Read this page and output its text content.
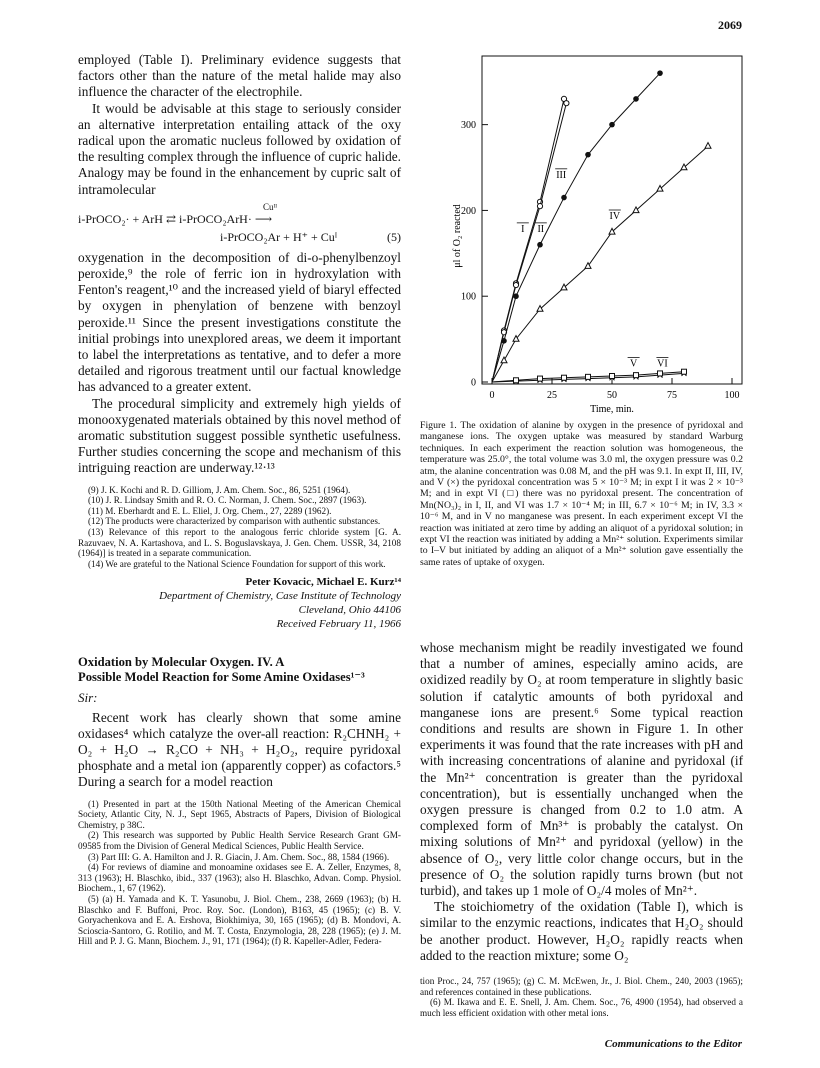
2069

employed (Table I). Preliminary evidence suggests that factors other than the nature of the metal halide may also influence the character of the electrophile.

It would be advisable at this stage to seriously consider an alternative interpretation entailing attack of the oxy radical upon the aromatic nucleus followed by oxidation of the resulting complex through the influence of cupric halide. Analogy may be found in the enhancement by cupric salt of intramolecular

Cuᴵᴵ
i-PrOCO₂· + ArH ⇄ i-PrOCO₂ArH· ⟶
i-PrOCO₂Ar + H⁺ + Cuᴵ	(5)

oxygenation in the decomposition of di-o-phenylbenzoyl peroxide,⁹ the role of ferric ion in hydroxylation with Fenton's reagent,¹⁰ and the increased yield of biaryl effected by oxygen in phenylation of benzene with benzoyl peroxide.¹¹ Since the present investigations constitute the initial probings into unexplored areas, we deem it important to label the interpretations as tentative, and to defer a more detailed and rigorous treatment until our factual knowledge has advanced to a greater extent.

The procedural simplicity and extremely high yields of monooxygenated materials obtained by this novel method of aromatic substitution suggest possible synthetic usefulness. Further studies concerning the scope and mechanism of this intriguing reaction are underway.¹²·¹³

(9) J. K. Kochi and R. D. Gilliom, J. Am. Chem. Soc., 86, 5251 (1964).

(10) J. R. Lindsay Smith and R. O. C. Norman, J. Chem. Soc., 2897 (1963).

(11) M. Eberhardt and E. L. Eliel, J. Org. Chem., 27, 2289 (1962).

(12) The products were characterized by comparison with authentic substances.

(13) Relevance of this report to the analogous ferric chloride system [G. A. Razuvaev, N. A. Kartashova, and L. S. Boguslavskaya, J. Gen. Chem. USSR, 34, 2108 (1964)] is treated in a separate communication.

(14) We are grateful to the National Science Foundation for support of this work.

Peter Kovacic, Michael E. Kurz¹⁴
Department of Chemistry, Case Institute of Technology
Cleveland, Ohio 44106
Received February 11, 1966
Oxidation by Molecular Oxygen. IV. A
Possible Model Reaction for Some Amine Oxidases¹⁻³
Sir:

Recent work has clearly shown that some amine oxidases⁴ which catalyze the over-all reaction: R₂CHNH₂ + O₂ + H₂O → R₂CO + NH₃ + H₂O₂, require pyridoxal phosphate and a metal ion (apparently copper) as cofactors.⁵ During a search for a model reaction

(1) Presented in part at the 150th National Meeting of the American Chemical Society, Atlantic City, N. J., Sept 1965, Abstracts of Papers, Division of Biological Chemistry, p 38C.

(2) This research was supported by Public Health Service Research Grant GM-09585 from the Division of General Medical Sciences, Public Health Service.

(3) Part III: G. A. Hamilton and J. R. Giacin, J. Am. Chem. Soc., 88, 1584 (1966).

(4) For reviews of diamine and monoamine oxidases see E. A. Zeller, Enzymes, 8, 313 (1963); H. Blaschko, ibid., 337 (1963); also H. Blaschko, Advan. Comp. Physiol. Biochem., 1, 67 (1962).

(5) (a) H. Yamada and K. T. Yasunobu, J. Biol. Chem., 238, 2669 (1963); (b) H. Blaschko and F. Buffoni, Proc. Roy. Soc. (London), B163, 45 (1965); (c) B. V. Goryachenkova and E. A. Ershova, Biokhimiya, 30, 165 (1965); (d) B. Mondovi, A. Scioscia-Santoro, G. Rotilio, and M. T. Costa, Enzymologia, 28, 228 (1965); (e) J. M. Hill and P. J. G. Mann, Biochem. J., 91, 171 (1964); (f) R. Kapeller-Adler, Federa-

0
100
200
300
0	25	50	75	100
μl of O₂ reacted
Time, min.
I II
III
IV
V VI
Figure 1. The oxidation of alanine by oxygen in the presence of pyridoxal and manganese ions. The oxygen uptake was measured by standard Warburg techniques. In each experiment the reaction solution was homogeneous, the temperature was 25.0°, the total volume was 3.0 ml, the oxygen pressure was 0.2 atm, the alanine concentration was 0.08 M, and the pH was 9.1. In expt II, III, IV, and V (×) the pyridoxal concentration was 5 × 10⁻³ M; in expt I it was 2 × 10⁻³ M; and in expt VI (□) there was no pyridoxal present. The concentration of Mn(NO₃)₂ in I, II, and VI was 1.7 × 10⁻⁴ M; in III, 6.7 × 10⁻⁶ M; in IV, 3.3 × 10⁻⁶ M, and in V no manganese was present. In each experiment except VI the reaction was initiated at zero time by adding an aliquot of a pyridoxal solution; in expt VI the reaction was initiated by adding a Mn²⁺ solution. Experiments similar to I–V but initiated by adding an aliquot of a Mn²⁺ solution gave essentially the same rates of uptake of oxygen.

whose mechanism might be readily investigated we found that a number of amines, especially amino acids, are oxidized readily by O₂ at room temperature in slightly basic solution if catalytic amounts of both pyridoxal and manganese ions are present.⁶ Some typical reaction conditions and results are shown in Figure 1. In other experiments it was found that the rate increases with pH and with increasing concentrations of alanine and pyridoxal (if the Mn²⁺ concentration is greater than the pyridoxal concentration), but is essentially unchanged when the oxygen pressure is changed from 0.2 to 1.0 atm. A complexed form of Mn³⁺ is probably the catalyst. On mixing solutions of Mn²⁺ and pyridoxal (yellow) in the absence of O₂, very little color change occurs, but in the presence of O₂ the solution rapidly turns brown (but not turbid), and takes up 1 mole of O₂/4 moles of Mn²⁺.

The stoichiometry of the oxidation (Table I), which is similar to the enzymic reactions, indicates that H₂O₂ should be another product. However, H₂O₂ rapidly reacts when added to the reaction mixture; some O₂

tion Proc., 24, 757 (1965); (g) C. M. McEwen, Jr., J. Biol. Chem., 240, 2003 (1965); and references contained in these publications.

(6) M. Ikawa and E. E. Snell, J. Am. Chem. Soc., 76, 4900 (1954), had observed a much less efficient oxidation with other metal ions.

Communications to the Editor
